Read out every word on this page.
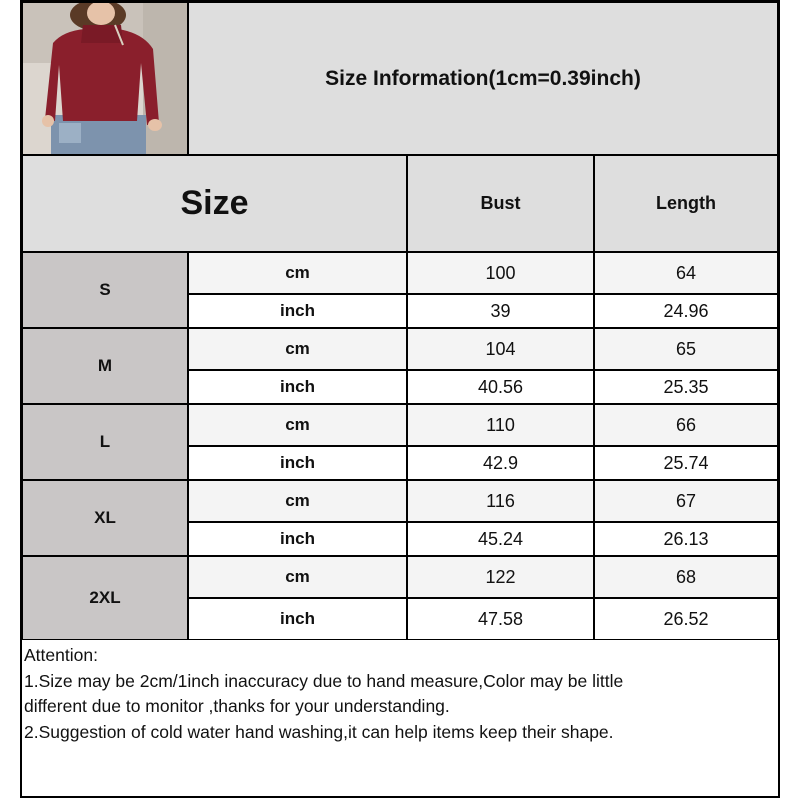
Size Information(1cm=0.39inch)
Size	Bust	Length
S
cm	100	64
inch	39	24.96
M
cm	104	65
inch	40.56	25.35
L
cm	110	66
inch	42.9	25.74
XL
cm	116	67
inch	45.24	26.13
2XL
cm	122	68
inch	47.58	26.52
Attention:
1.Size may be 2cm/1inch inaccuracy due to hand measure,Color may be little
different due to monitor ,thanks for your understanding.
2.Suggestion of cold water hand washing,it can help items keep their shape.
